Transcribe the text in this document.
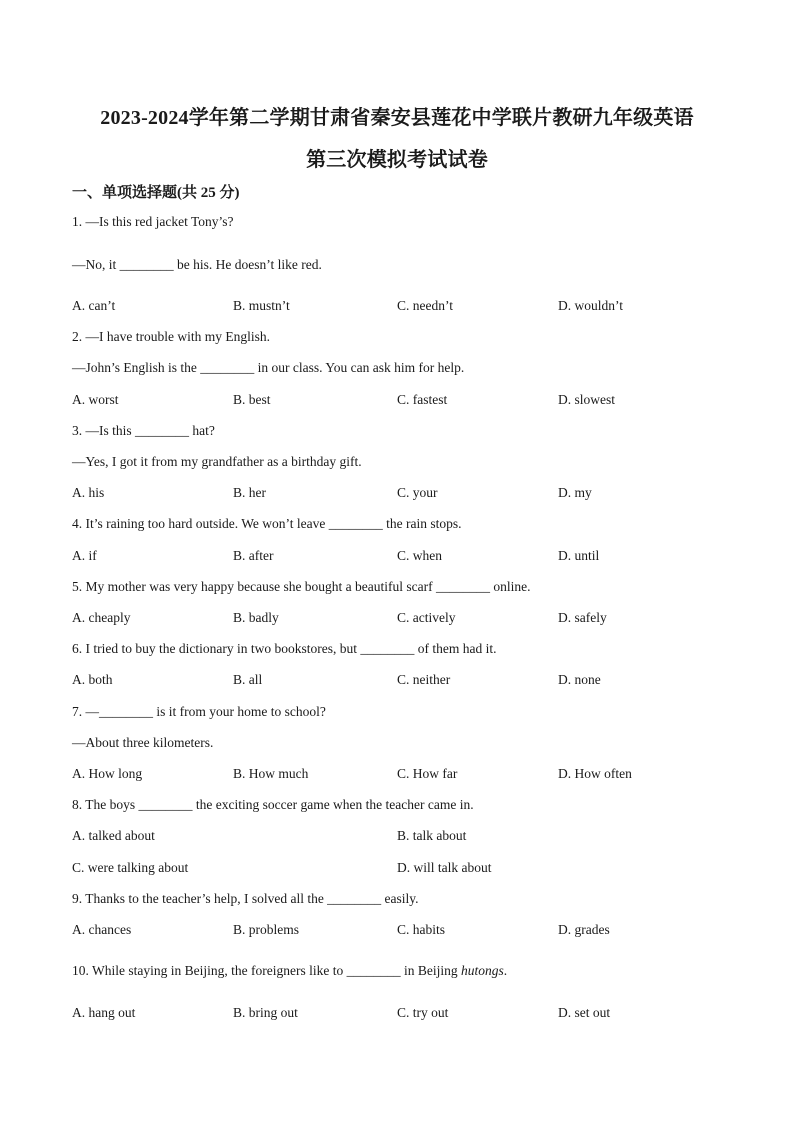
2023-2024学年第二学期甘肃省秦安县莲花中学联片教研九年级英语
第三次模拟考试试卷
一、单项选择题(共 25 分)
1. —Is this red jacket Tony’s?
—No, it ________ be his. He doesn’t like red.
A. can’t	B. mustn’t	C. needn’t	D. wouldn’t
2. —I have trouble with my English.
—John’s English is the ________ in our class. You can ask him for help.
A. worst	B. best	C. fastest	D. slowest
3. —Is this ________ hat?
—Yes, I got it from my grandfather as a birthday gift.
A. his	B. her	C. your	D. my
4. It’s raining too hard outside. We won’t leave ________ the rain stops.
A. if	B. after	C. when	D. until
5. My mother was very happy because she bought a beautiful scarf ________ online.
A. cheaply	B. badly	C. actively	D. safely
6. I tried to buy the dictionary in two bookstores, but ________ of them had it.
A. both	B. all	C. neither	D. none
7. —________ is it from your home to school?
—About three kilometers.
A. How long	B. How much	C. How far	D. How often
8. The boys ________ the exciting soccer game when the teacher came in.
A. talked about	B. talk about
C. were talking about	D. will talk about
9. Thanks to the teacher’s help, I solved all the ________ easily.
A. chances	B. problems	C. habits	D. grades
10. While staying in Beijing, the foreigners like to ________ in Beijing hutongs.
A. hang out	B. bring out	C. try out	D. set out
